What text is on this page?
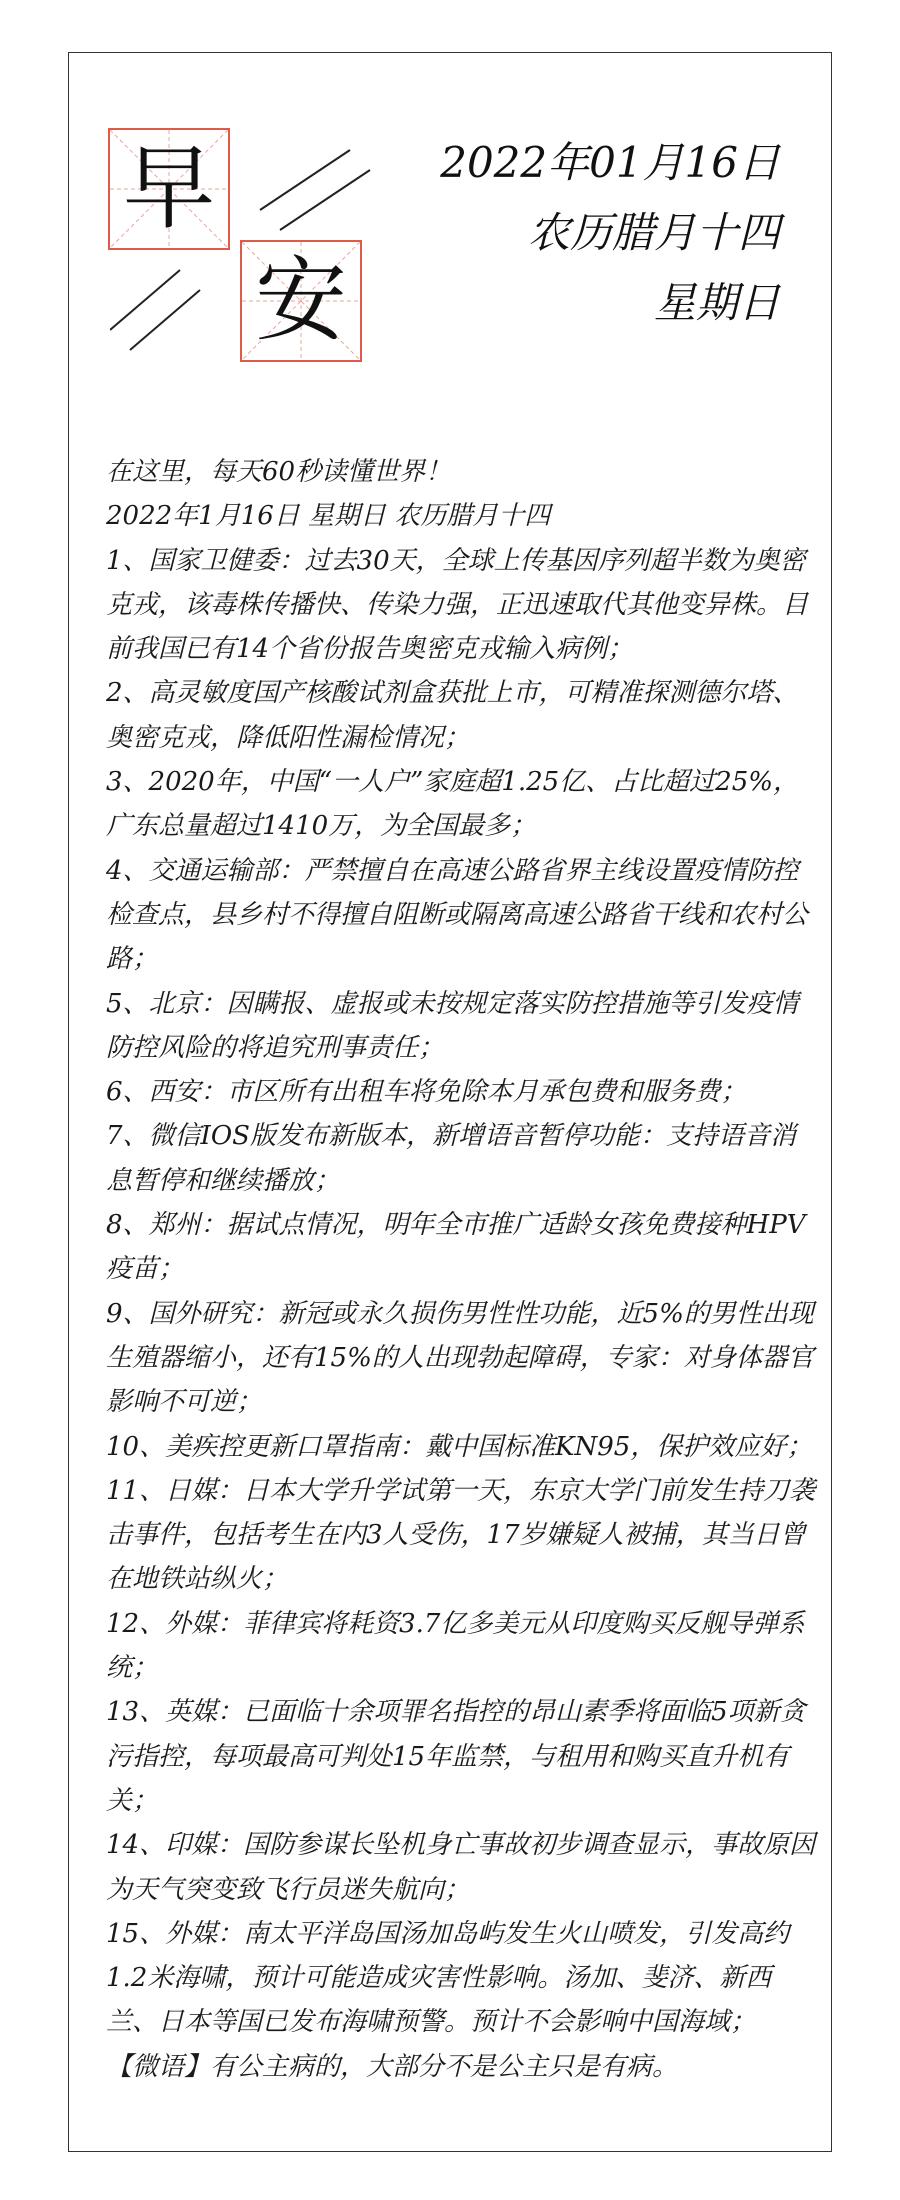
早
安
2022年01月16日
农历腊月十四
星期日

在这里，每天60秒读懂世界！

2022年1月16日 星期日 农历腊月十四

1、国家卫健委：过去30天，全球上传基因序列超半数为奥密克戎，该毒株传播快、传染力强，正迅速取代其他变异株。目前我国已有14个省份报告奥密克戎输入病例；

2、高灵敏度国产核酸试剂盒获批上市，可精准探测德尔塔、奥密克戎，降低阳性漏检情况；

3、2020年，中国“一人户”家庭超1.25亿、占比超过25%，广东总量超过1410万，为全国最多；

4、交通运输部：严禁擅自在高速公路省界主线设置疫情防控检查点，县乡村不得擅自阻断或隔离高速公路省干线和农村公路；

5、北京：因瞒报、虚报或未按规定落实防控措施等引发疫情防控风险的将追究刑事责任；

6、西安：市区所有出租车将免除本月承包费和服务费；

7、微信IOS版发布新版本，新增语音暂停功能：支持语音消息暂停和继续播放；

8、郑州：据试点情况，明年全市推广适龄女孩免费接种HPV疫苗；

9、国外研究：新冠或永久损伤男性性功能，近5%的男性出现生殖器缩小，还有15%的人出现勃起障碍，专家：对身体器官影响不可逆；

10、美疾控更新口罩指南：戴中国标准KN95，保护效应好；

11、日媒：日本大学升学试第一天，东京大学门前发生持刀袭击事件，包括考生在内3人受伤，17岁嫌疑人被捕，其当日曾在地铁站纵火；

12、外媒：菲律宾将耗资3.7亿多美元从印度购买反舰导弹系统；

13、英媒：已面临十余项罪名指控的昂山素季将面临5项新贪污指控，每项最高可判处15年监禁，与租用和购买直升机有关；

14、印媒：国防参谋长坠机身亡事故初步调查显示，事故原因为天气突变致飞行员迷失航向；

15、外媒：南太平洋岛国汤加岛屿发生火山喷发，引发高约1.2米海啸，预计可能造成灾害性影响。汤加、斐济、新西兰、日本等国已发布海啸预警。预计不会影响中国海域；

【微语】有公主病的，大部分不是公主只是有病。
